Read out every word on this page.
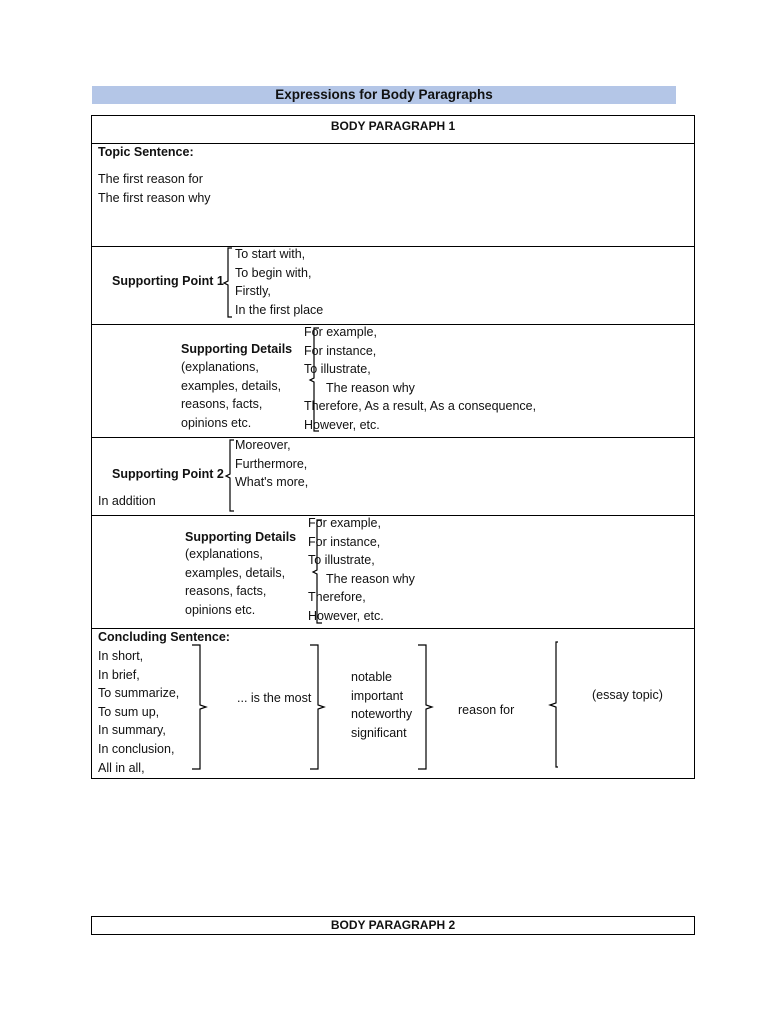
Expressions for Body Paragraphs
BODY PARAGRAPH 1
Topic Sentence:
The first reason for
The first reason why
Supporting Point 1
To start with,
To begin with,
Firstly,
In the first place
Supporting Details
(explanations,
examples, details,
reasons, facts,
opinions etc.
For example,
For instance,
To illustrate,
The reason why
Therefore, As a result, As a consequence,
However, etc.
Supporting Point 2
Moreover,
Furthermore,
What's more,
In addition
Supporting Details
(explanations,
examples, details,
reasons, facts,
opinions etc.
For example,
For instance,
To illustrate,
The reason why
Therefore,
However, etc.
Concluding Sentence:
In short,
In brief,
To summarize,
To sum up,
In summary,
In conclusion,
All in all,
... is the most
notable
important
noteworthy
significant
reason for
(essay topic)
BODY PARAGRAPH 2
